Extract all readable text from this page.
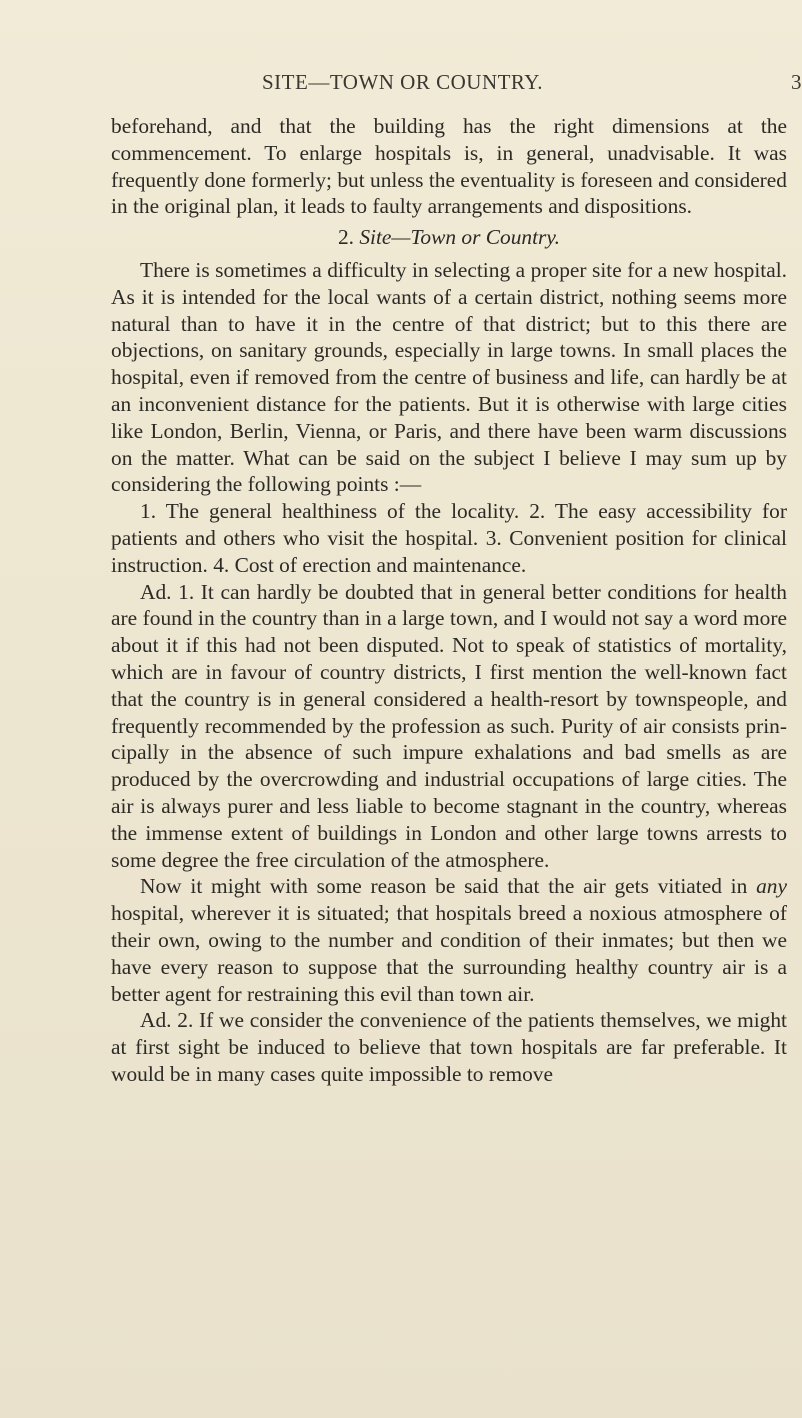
SITE—TOWN OR COUNTRY.	3

beforehand, and that the building has the right dimensions at the commencement. To enlarge hospitals is, in general, unadvisable. It was frequently done formerly; but unless the eventuality is foreseen and considered in the original plan, it leads to faulty arrangements and dispositions.

2. Site—Town or Country.

There is sometimes a difficulty in selecting a proper site for a new hospital. As it is intended for the local wants of a certain district, nothing seems more natural than to have it in the centre of that district; but to this there are objections, on sanitary grounds, especially in large towns. In small places the hospital, even if removed from the centre of business and life, can hardly be at an inconvenient distance for the patients. But it is otherwise with large cities like London, Berlin, Vienna, or Paris, and there have been warm discussions on the matter. What can be said on the subject I believe I may sum up by considering the following points :—

1. The general healthiness of the locality. 2. The easy accessibility for patients and others who visit the hospital. 3. Convenient position for clinical instruction. 4. Cost of erection and maintenance.

Ad. 1. It can hardly be doubted that in general better conditions for health are found in the country than in a large town, and I would not say a word more about it if this had not been disputed. Not to speak of statistics of mortality, which are in favour of country districts, I first mention the well-known fact that the country is in general considered a health-resort by townspeople, and frequently recommended by the profession as such. Purity of air consists principally in the absence of such impure exhalations and bad smells as are produced by the overcrowding and industrial occupations of large cities. The air is always purer and less liable to become stagnant in the country, whereas the immense extent of buildings in London and other large towns arrests to some degree the free circulation of the atmosphere.

Now it might with some reason be said that the air gets vitiated in any hospital, wherever it is situated; that hospitals breed a noxious atmosphere of their own, owing to the number and condition of their inmates; but then we have every reason to suppose that the surrounding healthy country air is a better agent for restraining this evil than town air.

Ad. 2. If we consider the convenience of the patients themselves, we might at first sight be induced to believe that town hospitals are far preferable. It would be in many cases quite impossible to remove
